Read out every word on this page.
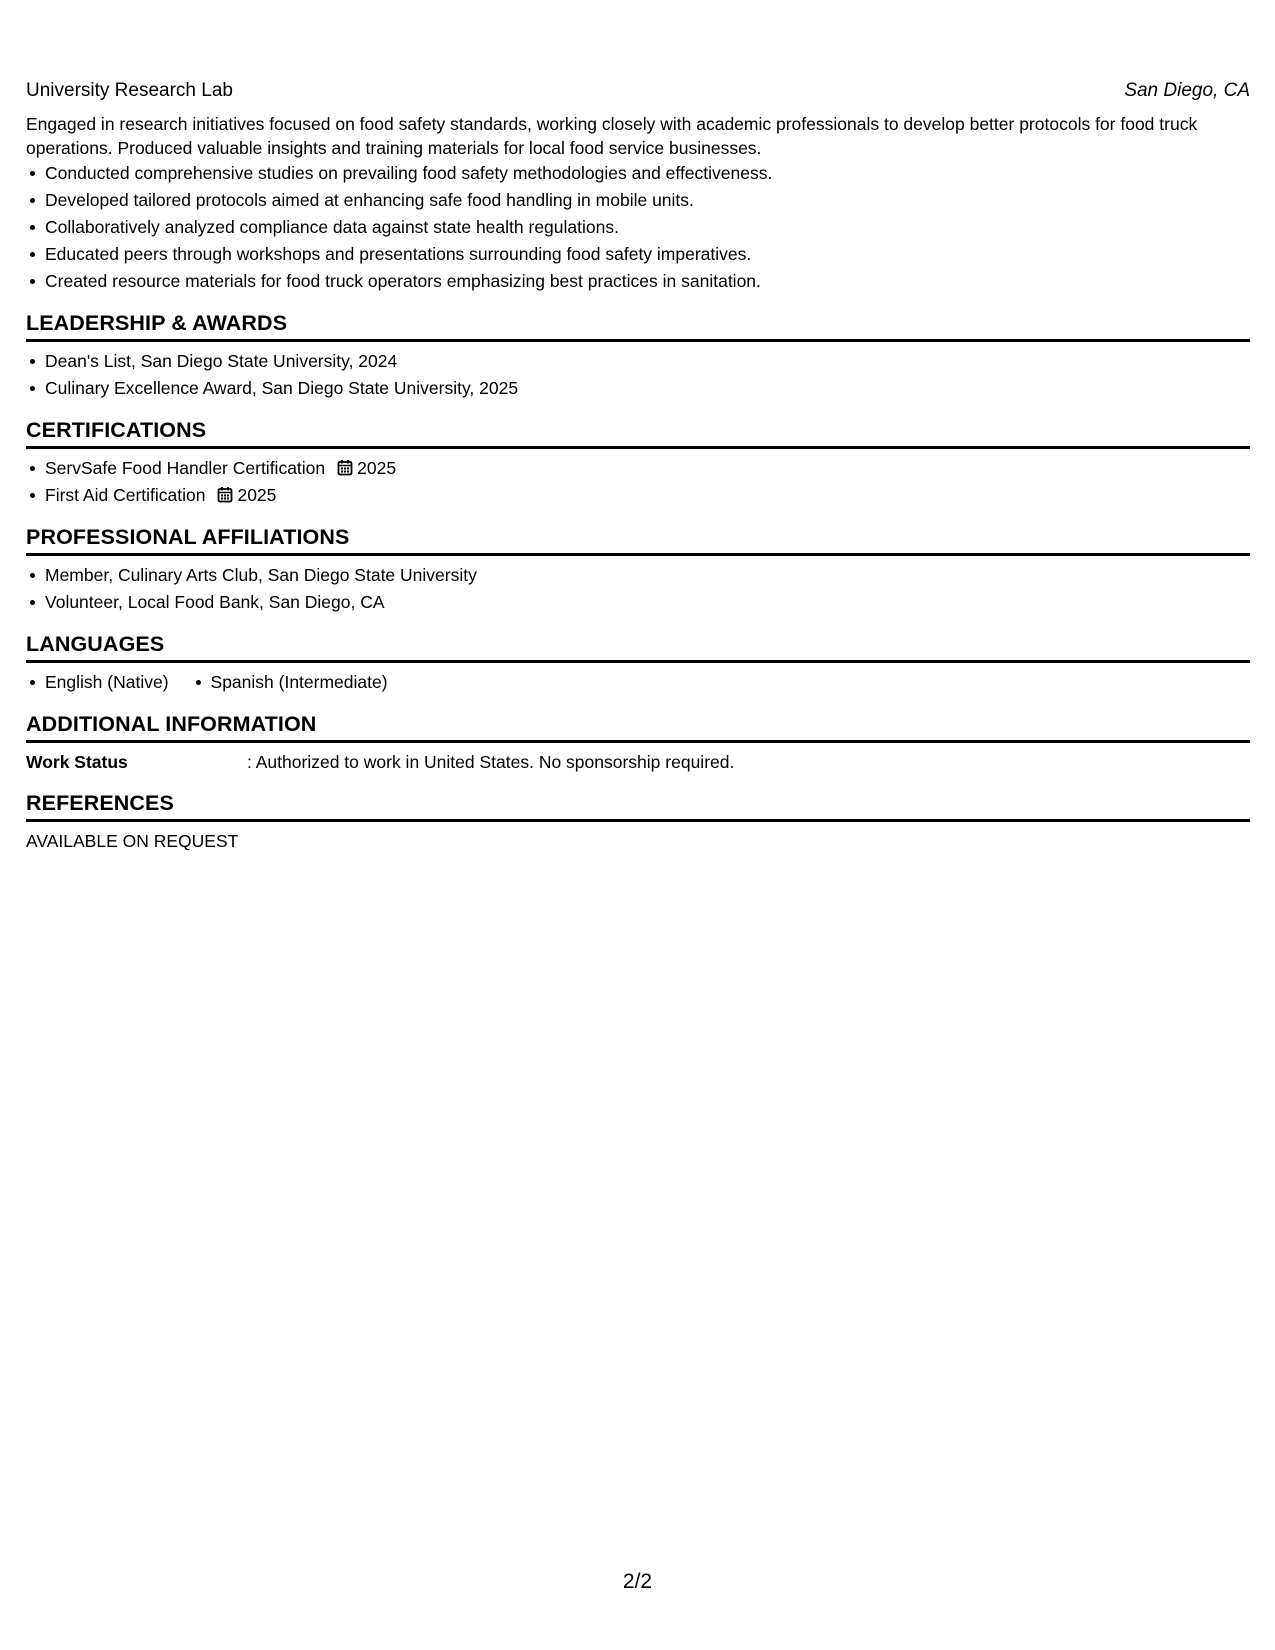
University Research Lab	San Diego, CA

Engaged in research initiatives focused on food safety standards, working closely with academic professionals to develop better protocols for food truck operations. Produced valuable insights and training materials for local food service businesses.

Conducted comprehensive studies on prevailing food safety methodologies and effectiveness.
Developed tailored protocols aimed at enhancing safe food handling in mobile units.
Collaboratively analyzed compliance data against state health regulations.
Educated peers through workshops and presentations surrounding food safety imperatives.
Created resource materials for food truck operators emphasizing best practices in sanitation.
LEADERSHIP & AWARDS
Dean's List, San Diego State University, 2024
Culinary Excellence Award, San Diego State University, 2025
CERTIFICATIONS
ServSafe Food Handler Certification 2025
First Aid Certification 2025
PROFESSIONAL AFFILIATIONS
Member, Culinary Arts Club, San Diego State University
Volunteer, Local Food Bank, San Diego, CA
LANGUAGES
English (Native) Spanish (Intermediate)
ADDITIONAL INFORMATION
Work Status	: Authorized to work in United States. No sponsorship required.
REFERENCES
AVAILABLE ON REQUEST
2/2
